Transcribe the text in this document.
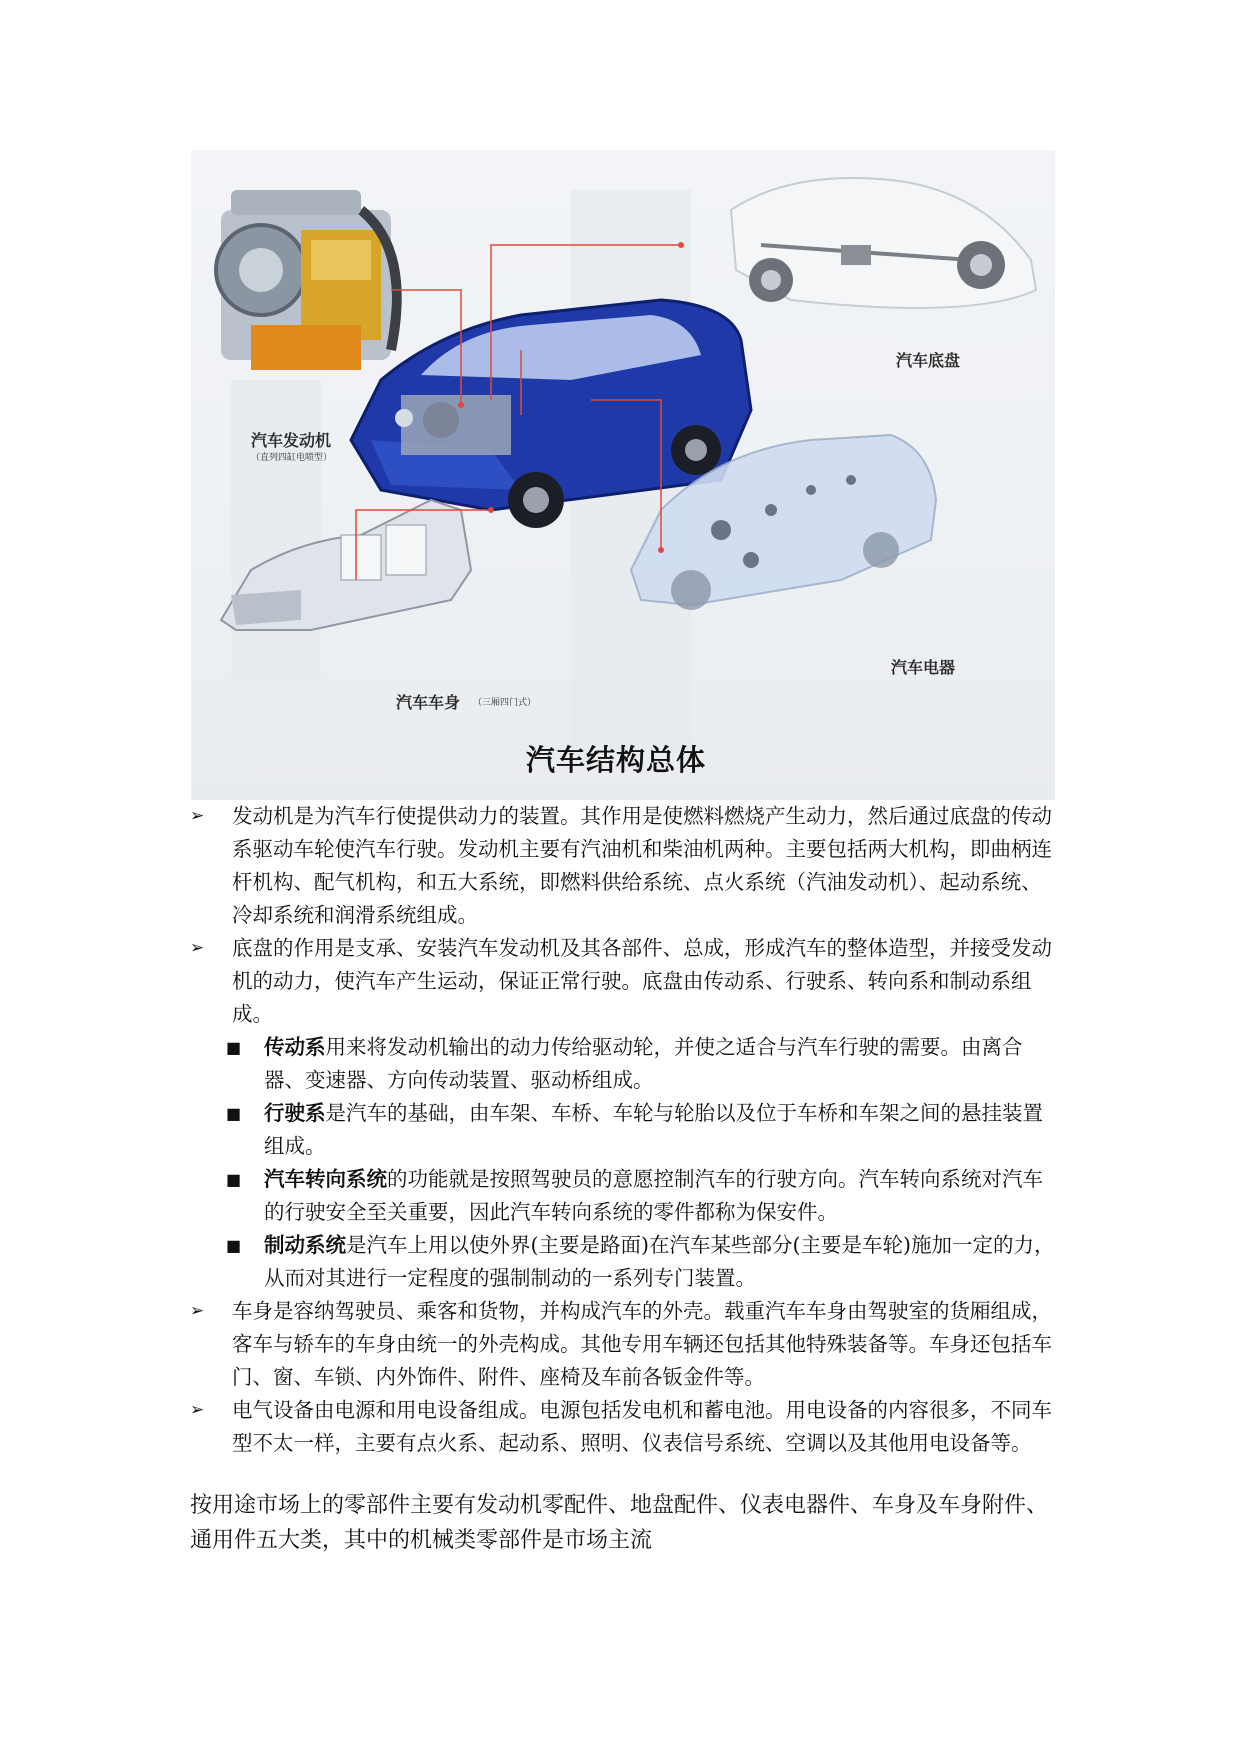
汽车发动机
（直列四缸电喷型）
汽车底盘
汽车车身 （三厢四门式）
汽车电器
汽车结构总体
➢ 发动机是为汽车行使提供动力的装置。其作用是使燃料燃烧产生动力，然后通过底盘的传动系驱动车轮使汽车行驶。发动机主要有汽油机和柴油机两种。主要包括两大机构，即曲柄连杆机构、配气机构，和五大系统，即燃料供给系统、点火系统（汽油发动机）、起动系统、冷却系统和润滑系统组成。
➢ 底盘的作用是支承、安装汽车发动机及其各部件、总成，形成汽车的整体造型，并接受发动机的动力，使汽车产生运动，保证正常行驶。底盘由传动系、行驶系、转向系和制动系组成。
■ 传动系用来将发动机输出的动力传给驱动轮，并使之适合与汽车行驶的需要。由离合器、变速器、方向传动装置、驱动桥组成。
■ 行驶系是汽车的基础，由车架、车桥、车轮与轮胎以及位于车桥和车架之间的悬挂装置组成。
■ 汽车转向系统的功能就是按照驾驶员的意愿控制汽车的行驶方向。汽车转向系统对汽车的行驶安全至关重要，因此汽车转向系统的零件都称为保安件。
■ 制动系统是汽车上用以使外界(主要是路面)在汽车某些部分(主要是车轮)施加一定的力，从而对其进行一定程度的强制制动的一系列专门装置。
➢ 车身是容纳驾驶员、乘客和货物，并构成汽车的外壳。载重汽车车身由驾驶室的货厢组成，客车与轿车的车身由统一的外壳构成。其他专用车辆还包括其他特殊装备等。车身还包括车门、窗、车锁、内外饰件、附件、座椅及车前各钣金件等。
➢ 电气设备由电源和用电设备组成。电源包括发电机和蓄电池。用电设备的内容很多，不同车型不太一样，主要有点火系、起动系、照明、仪表信号系统、空调以及其他用电设备等。
按用途市场上的零部件主要有发动机零配件、地盘配件、仪表电器件、车身及车身附件、通用件五大类，其中的机械类零部件是市场主流
